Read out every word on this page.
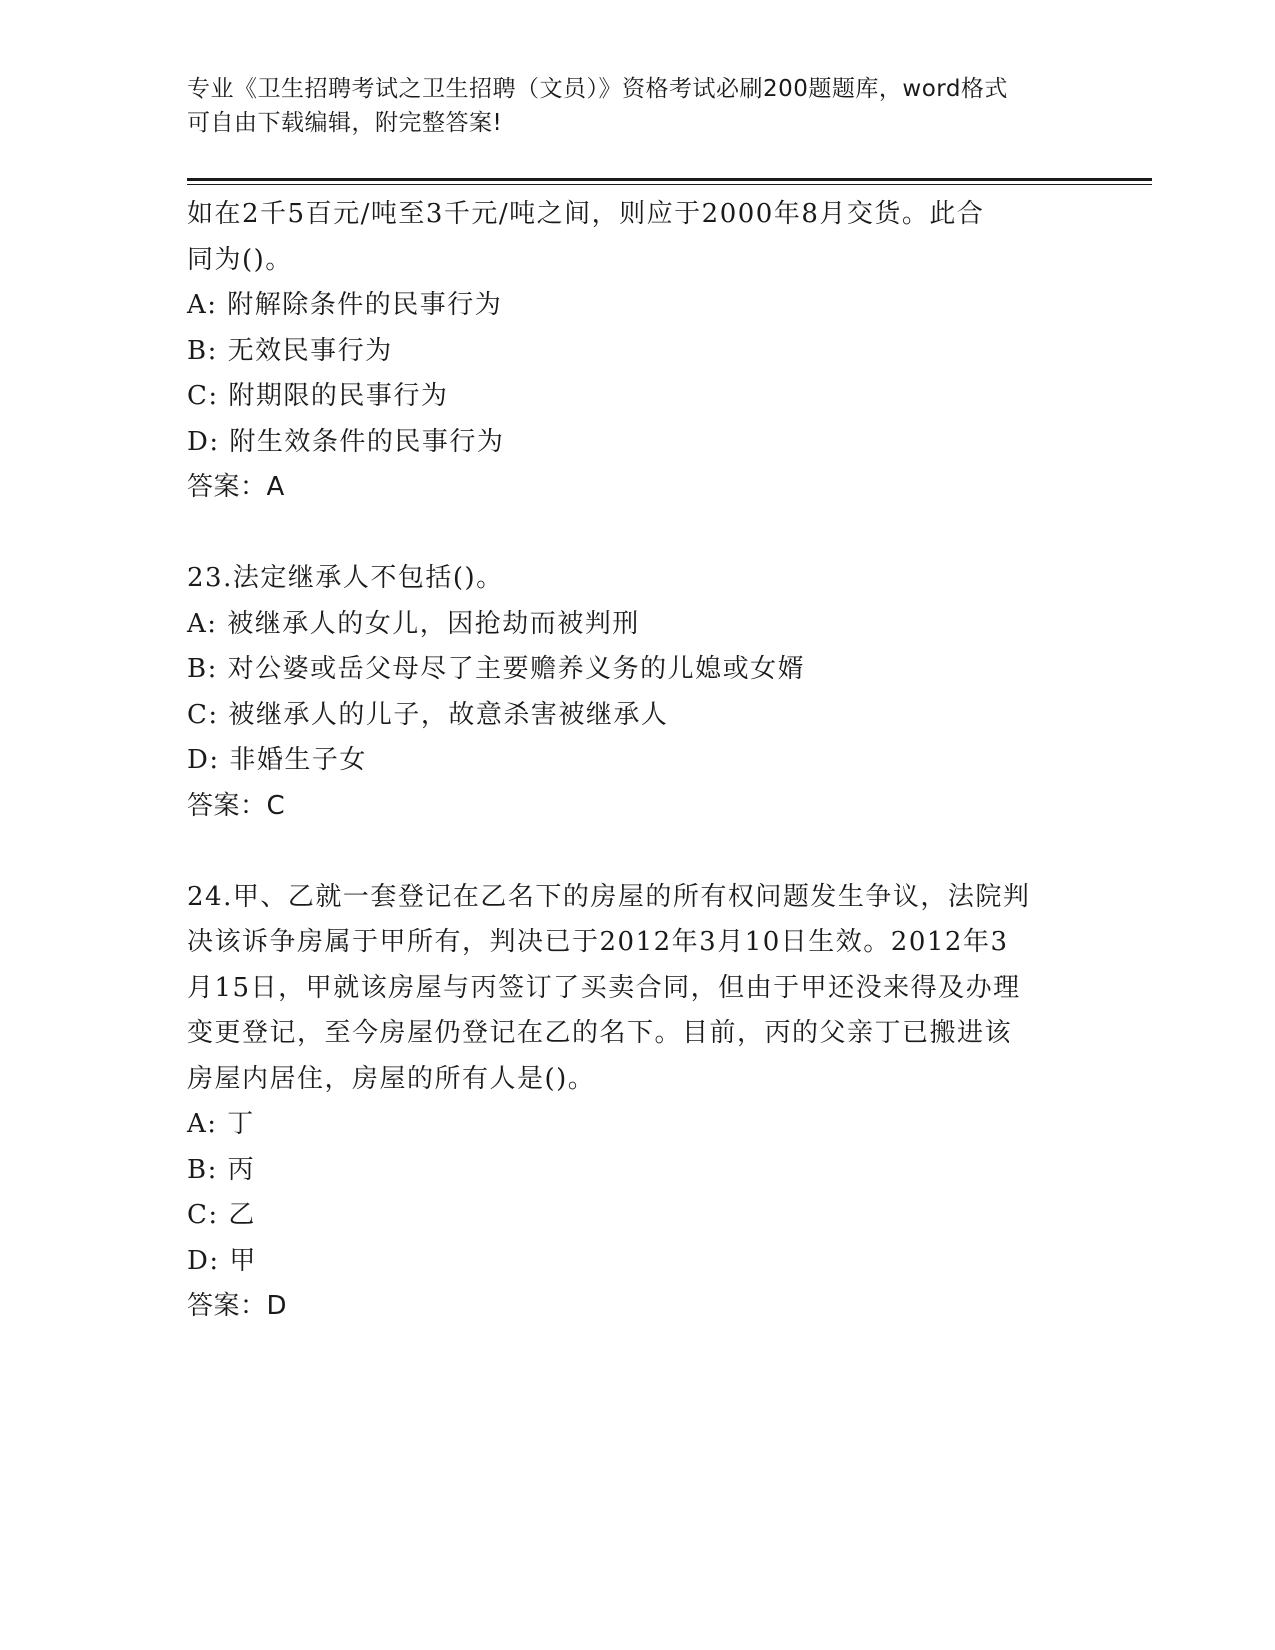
专业《卫生招聘考试之卫生招聘（文员）》资格考试必刷200题题库，word格式
可自由下载编辑，附完整答案!
如在2千5百元/吨至3千元/吨之间，则应于2000年8月交货。此合
同为()。
A: 附解除条件的民事行为
B: 无效民事行为
C: 附期限的民事行为
D: 附生效条件的民事行为
答案：A
23.法定继承人不包括()。
A: 被继承人的女儿，因抢劫而被判刑
B: 对公婆或岳父母尽了主要赡养义务的儿媳或女婿
C: 被继承人的儿子，故意杀害被继承人
D: 非婚生子女
答案：C
24.甲、乙就一套登记在乙名下的房屋的所有权问题发生争议，法院判
决该诉争房属于甲所有，判决已于2012年3月10日生效。2012年3
月15日，甲就该房屋与丙签订了买卖合同，但由于甲还没来得及办理
变更登记，至今房屋仍登记在乙的名下。目前，丙的父亲丁已搬进该
房屋内居住，房屋的所有人是()。
A: 丁
B: 丙
C: 乙
D: 甲
答案：D
